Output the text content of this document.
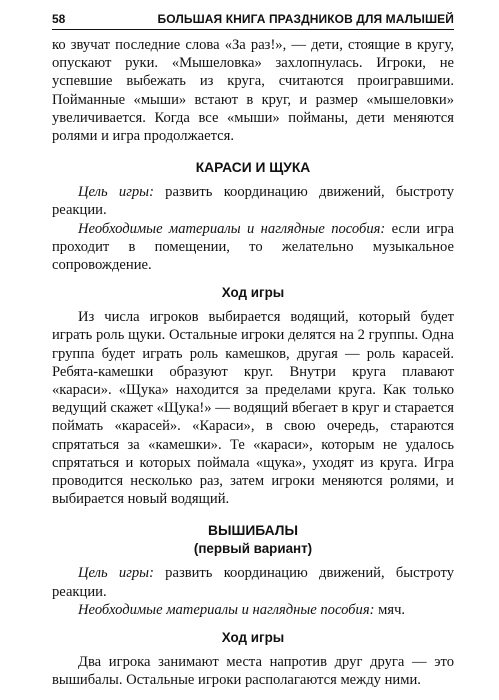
58	БОЛЬШАЯ КНИГА ПРАЗДНИКОВ ДЛЯ МАЛЫШЕЙ

ко звучат последние слова «За раз!», — дети, стоящие в кругу, опускают руки. «Мышеловка» захлопнулась. Игроки, не успевшие выбежать из круга, считаются проигравшими. Пойманные «мыши» встают в круг, и размер «мышеловки» увеличивается. Когда все «мыши» пойманы, дети меняются ролями и игра продолжается.

КАРАСИ И ЩУКА

Цель игры: развить координацию движений, быстроту реакции.

Необходимые материалы и наглядные пособия: если игра проходит в помещении, то желательно музыкальное сопровождение.

Ход игры

Из числа игроков выбирается водящий, который будет играть роль щуки. Остальные игроки делятся на 2 группы. Одна группа будет играть роль камешков, другая — роль карасей. Ребята-камешки образуют круг. Внутри круга плавают «караси». «Щука» находится за пределами круга. Как только ведущий скажет «Щука!» — водящий вбегает в круг и старается поймать «карасей». «Караси», в свою очередь, стараются спрятаться за «камешки». Те «караси», которым не удалось спрятаться и которых поймала «щука», уходят из круга. Игра проводится несколько раз, затем игроки меняются ролями, и выбирается новый водящий.

ВЫШИБАЛЫ
(первый вариант)

Цель игры: развить координацию движений, быстроту реакции.

Необходимые материалы и наглядные пособия: мяч.

Ход игры

Два игрока занимают места напротив друг друга — это вышибалы. Остальные игроки располагаются между ними.
